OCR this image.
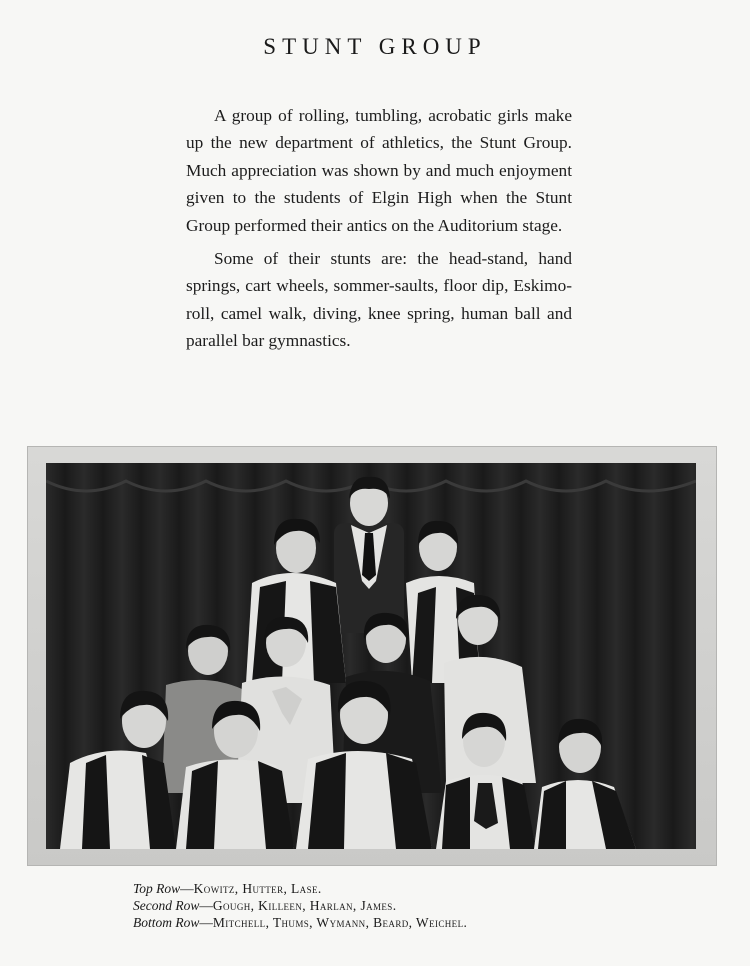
STUNT GROUP

A group of rolling, tumbling, acrobatic girls make up the new department of athletics, the Stunt Group. Much appreciation was shown by and much enjoyment given to the students of Elgin High when the Stunt Group performed their antics on the Auditorium stage.

Some of their stunts are: the head-stand, hand springs, cart wheels, sommer-saults, floor dip, Eskimo-roll, camel walk, diving, knee spring, human ball and parallel bar gymnastics.

Top Row—Kowitz, Hutter, Lase.
Second Row—Gough, Killeen, Harlan, James.
Bottom Row—Mitchell, Thums, Wymann, Beard, Weichel.
